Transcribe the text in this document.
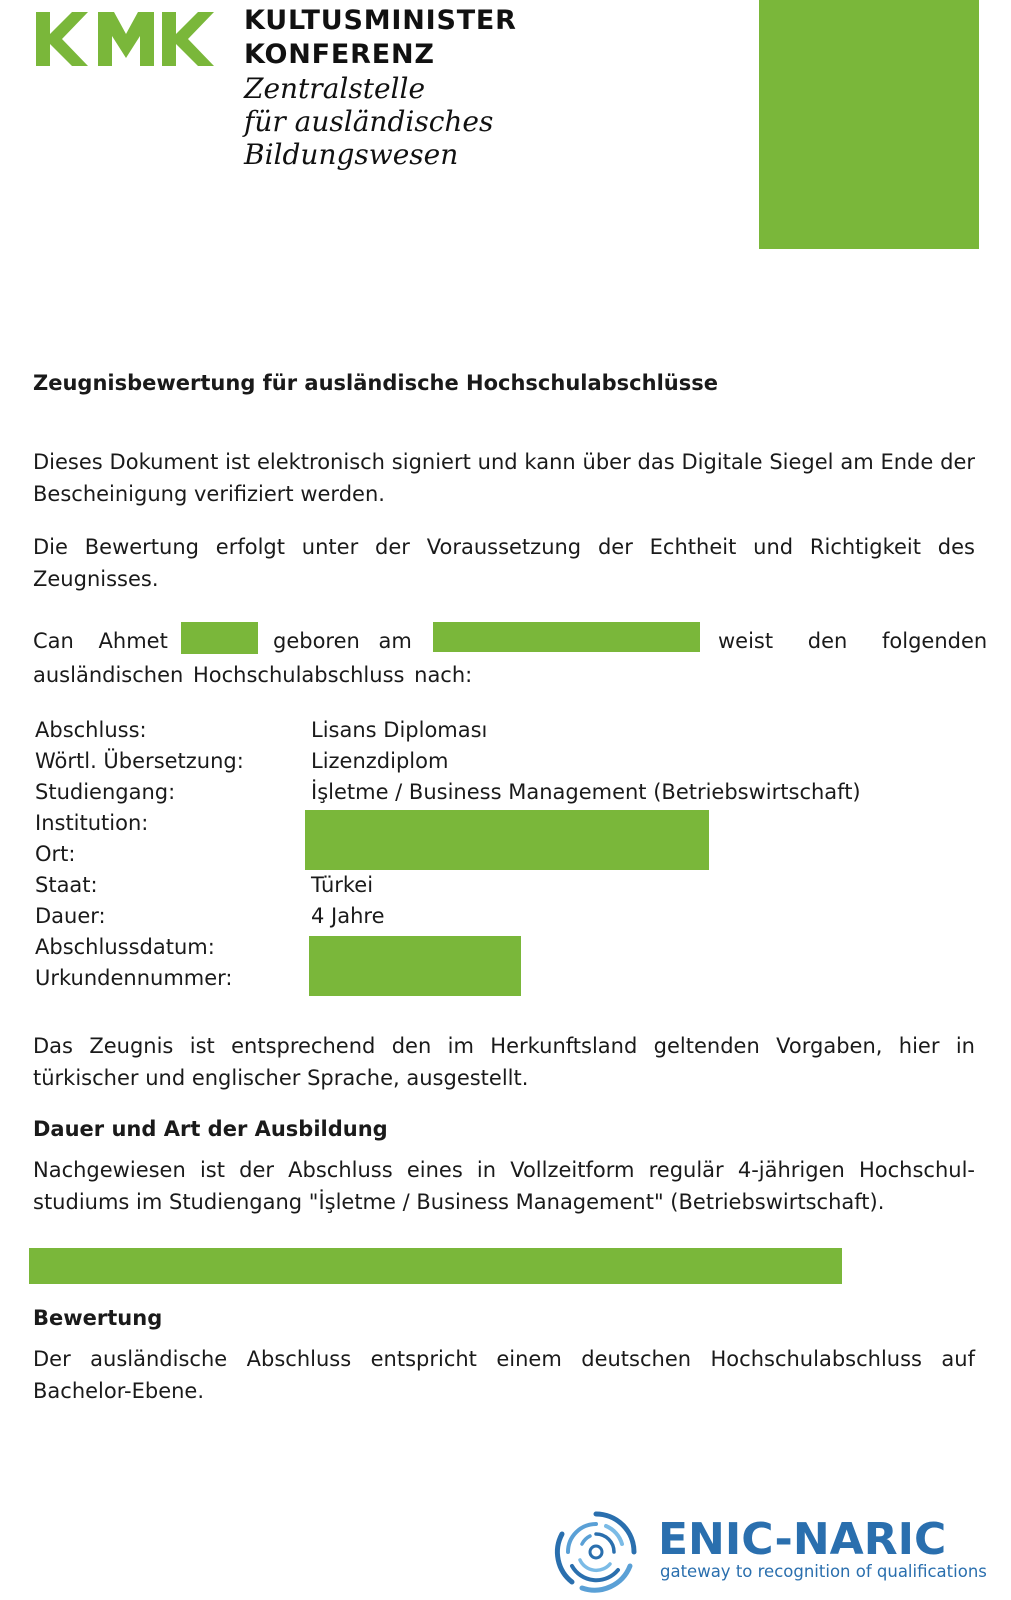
KULTUSMINISTER
KONFERENZ
Zentralstelle
für ausländisches
Bildungswesen
Zeugnisbewertung für ausländische Hochschulabschlüsse
Dieses Dokument ist elektronisch signiert und kann über das Digitale Siegel am Ende der Bescheinigung verifiziert werden.
Die Bewertung erfolgt unter der Voraussetzung der Echtheit und Richtigkeit des Zeugnisses.
Can Ahmet	geboren am	weist den folgenden
ausländischen Hochschulabschluss nach:
Abschluss:	Lisans Diploması
Wörtl. Übersetzung:	Lizenzdiplom
Studiengang:	İşletme / Business Management (Betriebswirtschaft)
Institution:
Ort:
Staat:	Türkei
Dauer:	4 Jahre
Abschlussdatum:
Urkundennummer:
Das Zeugnis ist entsprechend den im Herkunftsland geltenden Vorgaben, hier in türkischer und englischer Sprache, ausgestellt.
Dauer und Art der Ausbildung
Nachgewiesen ist der Abschluss eines in Vollzeitform regulär 4-jährigen Hochschul-studiums im Studiengang "İşletme / Business Management" (Betriebswirtschaft).
Bewertung
Der ausländische Abschluss entspricht einem deutschen Hochschulabschluss auf Bachelor-Ebene.
ENIC-NARIC
gateway to recognition of qualifications
